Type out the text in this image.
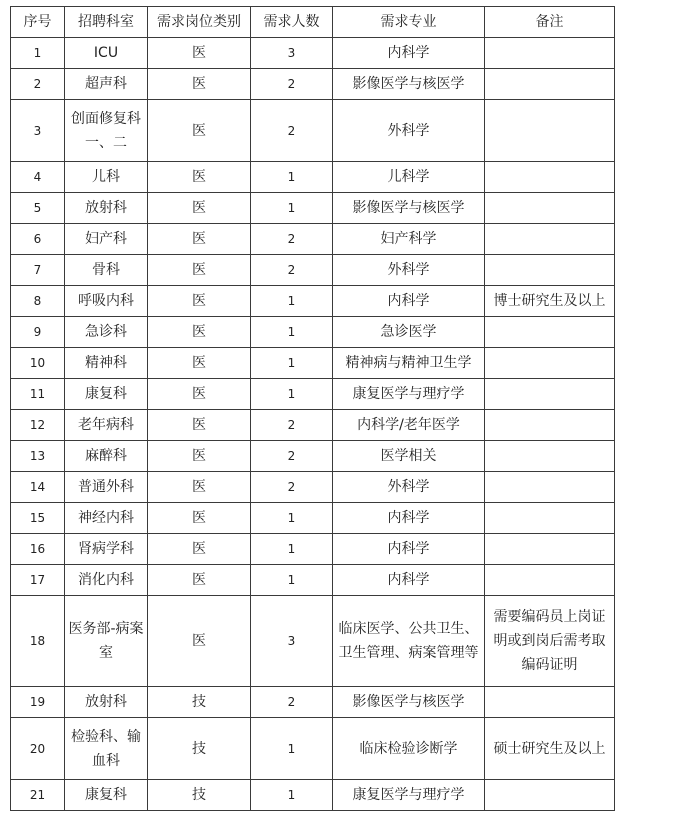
序号	招聘科室	需求岗位类别	需求人数	需求专业	备注
1	ICU	医	3	内科学	
2	超声科	医	2	影像医学与核医学	
3	创面修复科一、二	医	2	外科学	
4	儿科	医	1	儿科学	
5	放射科	医	1	影像医学与核医学	
6	妇产科	医	2	妇产科学	
7	骨科	医	2	外科学	
8	呼吸内科	医	1	内科学	博士研究生及以上
9	急诊科	医	1	急诊医学	
10	精神科	医	1	精神病与精神卫生学	
11	康复科	医	1	康复医学与理疗学	
12	老年病科	医	2	内科学/老年医学	
13	麻醉科	医	2	医学相关	
14	普通外科	医	2	外科学	
15	神经内科	医	1	内科学	
16	肾病学科	医	1	内科学	
17	消化内科	医	1	内科学	
18	医务部-病案室	医	3	临床医学、公共卫生、卫生管理、病案管理等	需要编码员上岗证明或到岗后需考取编码证明
19	放射科	技	2	影像医学与核医学	
20	检验科、输血科	技	1	临床检验诊断学	硕士研究生及以上
21	康复科	技	1	康复医学与理疗学	
